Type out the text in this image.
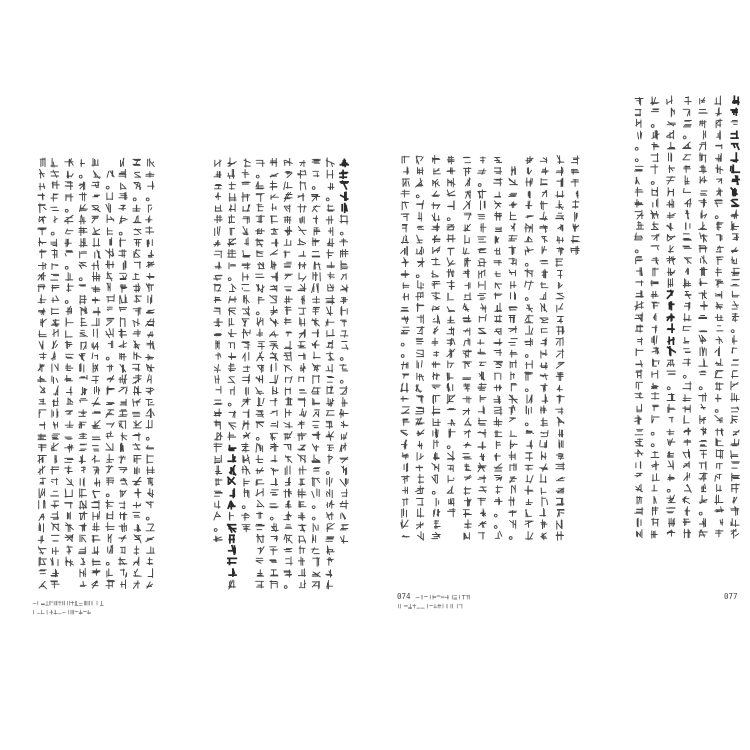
074	077
